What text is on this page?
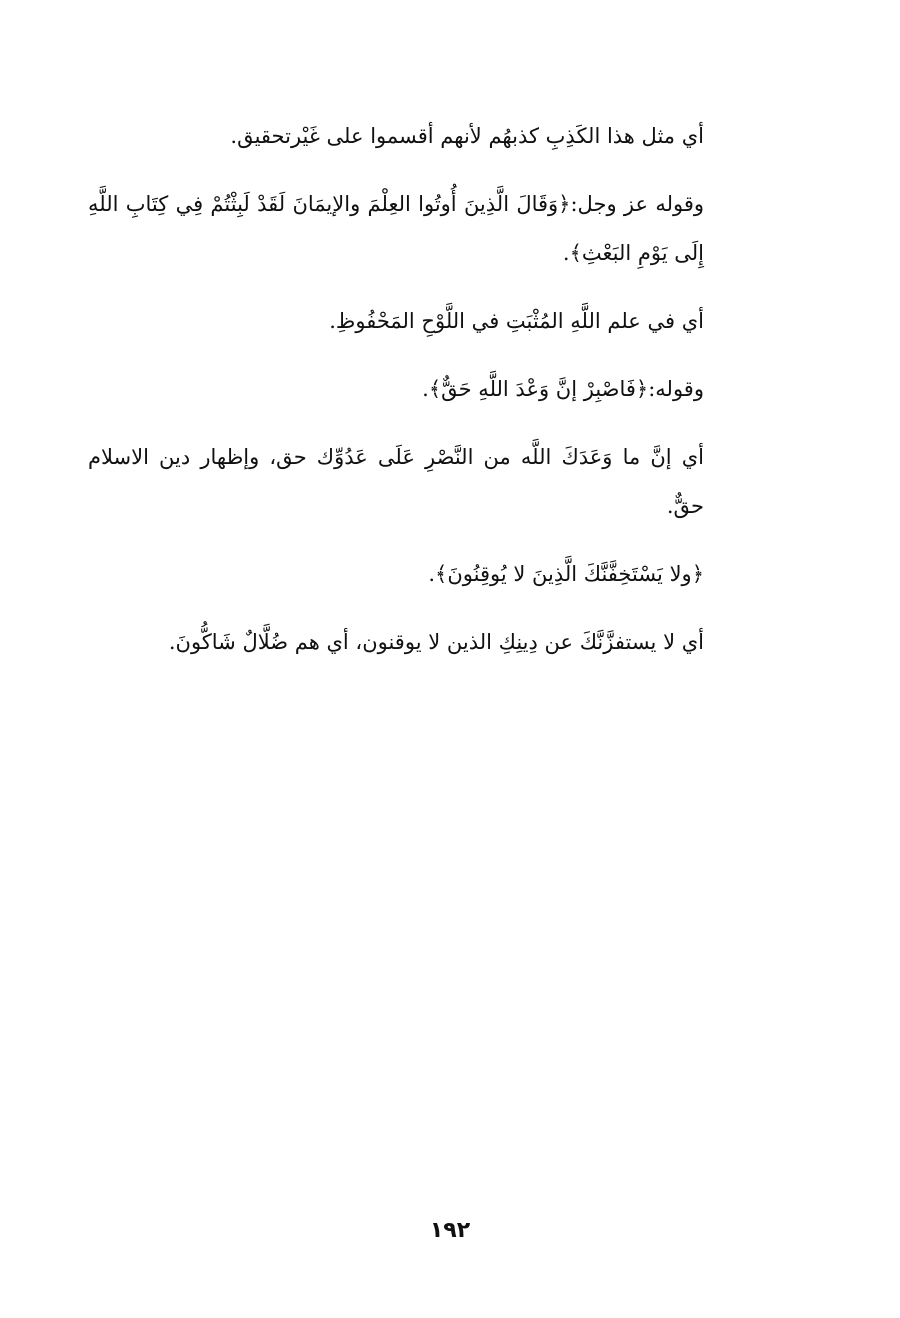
أي مثل هذا الكَذِبِ كذبهُم لأنهم أقسموا على غَيْرتحقيق.

وقوله عز وجل:﴿وَقَالَ الَّذِينَ أُوتُوا العِلْمَ والإيمَانَ لَقَدْ لَبِثْتُمْ فِي كِتَابِ اللَّهِ إِلَى يَوْمِ البَعْثِ﴾.

أي في علم اللَّهِ المُثْبَتِ في اللَّوْحِ المَحْفُوظِ.

وقوله:﴿فَاصْبِرْ إنَّ وَعْدَ اللَّهِ حَقٌّ﴾.

أي إنَّ ما وَعَدَكَ اللَّه من النَّصْرِ عَلَى عَدُوِّك حق، وإظهار دين الاسلام حقٌّ.

﴿ولا يَسْتَخِفَّنَّكَ الَّذِينَ لا يُوقِنُونَ﴾.

أي لا يستفزَّنَّكَ عن دِينِكِ الذين لا يوقنون، أي هم ضُلَّالٌ شَاكُّونَ.

١٩٢
